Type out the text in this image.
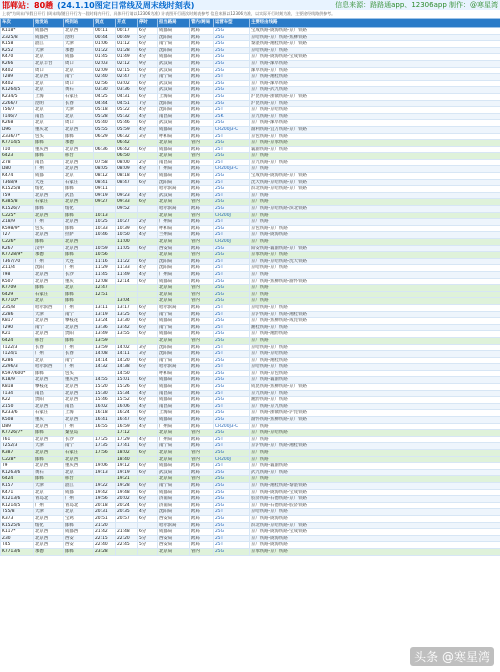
邯郸站：80趟 (24.1.10图定日常线及周末线时刻表)	信息来源：路路通app、12306app 制作：@寒星湾
上表*为周末/节假日开行 (周末线/随日开行为一段时间内开行，具体开行请以12306为准) 计表图开行班次时刻表参考 信息来源以12306为准，以实际开行时刻为准，主要途经线路供参考。
车次	始发站	终到站	到点	开点	停时	担当路局	管内/跨局	运营车型	主要经由线路
K118*	成都西	北京西	00:11	00:17	6分	成都局	跨局	25G	宝成铁路-陇海铁路-京广铁路
Z325/8	成都西	昆明	00:44	00:49	5分	沈阳局	跨局	25G	京哈铁路-京广铁路-焦柳铁路
K158	湛江	天津	01:06	01:12	6分	南宁局	跨局	25G	黎湛铁路-湘桂铁路-京广铁路
K252	天津	承德	01:22	01:28	6分	沈阳局	跨局	25G	京哈铁路-京广铁路
K470	北京	成都	01:45	01:49	4分	成都局	跨局	25G	京广铁路-陇海铁路-宝成铁路
K266	北京丰台	周口	02:03	02:12	9分	武汉局	跨局	25G	京广铁路-漯阜铁路
K402	周口	北京	02:09	02:15	6分	武汉局	跨局	25G	漯阜铁路-京广铁路
T289	北京西	南宁	02:40	02:47	7分	南宁局	跨局	25T	京广铁路-湘桂铁路
K402	北京	周口	02:56	03:02	6分	武汉局	跨局	25G	京广铁路-漯阜铁路
K1264/5	北京	黄石	03:30	03:36	6分	武汉局	跨局	25G	京广铁路-武九铁路
K234/5	上海	石家庄	04:25	04:31	6分	上海局	跨局	25G	沪昆铁路-浙赣铁路-京广铁路
Z266/7	昆明	长春	04:44	04:51	7分	沈阳局	跨局	25G	沪昆铁路-京广铁路
T56/7	北京	天津	05:18	05:22	4分	沈阳局	跨局	25T	京广铁路-京哈铁路
T146/7	南昌	北京	05:28	05:32	4分	南昌局	跨局	25K	京九铁路-京广铁路
K268	北京	周口	05:40	05:46	6分	武汉局	跨局	25G	京广铁路-漯阜铁路
D96	重庆北	北京西	05:55	05:59	4分	成都局	跨局	CR200J3-C	渝利铁路-宜万铁路-京广铁路
Z336/7*	包头	邯郸	06:29	06:32	3分	呼和局	跨局	25T	京包铁路-京广铁路
K7714/5	邯郸	承德		06:42		北京局	管内	25G	京广铁路-京承铁路
T10	重庆西	北京西	06:36	06:42	6分	成都局	跨局	25T	襄渝铁路-京广铁路
6423	邯郸	邢台		06:50		北京局	管内	25G	京广铁路
Z78	南昌	北京西	07:58	08:00	2分	南昌局	跨局	25T	京九铁路-京广铁路
D80	广州	北京西	08:05	08:09	4分	广州局	跨局	CR200J3-C	京广铁路
K474	成都	北京	08:12	08:18	6分	成都局	跨局	25G	宝成铁路-陇海铁路-京广铁路
T368/9	大连	石家庄	08:41	08:47	6分	沈阳局	跨局	25T	沈大铁路-京哈铁路-京广铁路
K1525/8	绥化	邯郸	09:11			哈尔滨局	跨局	25G	滨北铁路-京哈铁路-京广铁路
T59	北京西	武昌	09:19	09:23	4分	武汉局	跨局	25T	京广铁路
K385/8	石家庄	北京西	09:27	09:33	6分	北京局	管内	25G	京广铁路
K1526/7	邯郸	绥化		09:52		哈尔滨局	跨局	25G	京广铁路-京哈铁路-滨北铁路
C225*	北京西	邯郸	10:13			北京局	管内	CR200J	京广铁路
Z18/9	广州	北京西	10:25	10:27	2分	广州局	跨局	25T	京广铁路
K598/9*	包头	邯郸	10:33	10:39	6分	呼和局	跨局	25G	京包铁路-京广铁路
T27	北京西	拉萨	10:46	10:50	4分	兰州局	跨局	25T	京广铁路-陇海铁路
C226*	邯郸	北京西		11:00		北京局	管内	CR200J	京广铁路
K267	汉中	北京西	10:59	11:05	6分	西安局	跨局	25G	阳安铁路-襄渝铁路-京广铁路
K7728/9*	承德	邯郸	10:56			北京局	管内	25G	京承铁路-京广铁路
T367/70	广州	大连	11:16	11:22	6分	沈阳局	跨局	25T	京广铁路-京哈铁路-沈大铁路
Z11/4	沈阳	广州	11:29	11:33	4分	沈阳局	跨局	25T	京哈铁路-京广铁路
T98	北京西	长沙	11:45	11:49	4分	广州局	跨局	25T	京广铁路
K507	北京西	重庆	12:08	12:14	6分	成都局	跨局	25G	京广铁路-焦柳铁路-渝怀铁路
K7709	邯郸	北京	12:47			北京局	管内	25G	京广铁路
6429	石家庄	邯郸	12:51			北京局	管内	25G	京广铁路
K7710*	北京	邯郸		13:04		北京局	管内	25G	京广铁路
Z35/8	哈尔滨西	广州	13:11	13:17	6分	哈尔滨局	跨局	25T	京哈铁路-京广铁路
Z286	天津	南宁	13:19	13:25	6分	南宁局	跨局	25T	京沪铁路-京广铁路-湘桂铁路
K817	北京西	攀枝花	13:24	13:30	6分	成都局	跨局	25G	京广铁路-焦柳铁路-成昆铁路
T290	南宁	北京西	13:36	13:42	6分	南宁局	跨局	25T	湘桂铁路-京广铁路
K21	北京西	贵阳	13:49	13:55	6分	成都局	跨局	25G	京广铁路-湘黔铁路
6424	邢台	邯郸	13:59			北京局	管内	25G	京广铁路
T122/3	长春	广州	13:59	14:02	3分	沈阳局	跨局	25T	京哈铁路-京广铁路
T124/1	广州	长春	14:08	14:11	3分	沈阳局	跨局	25T	京广铁路-京哈铁路
K286	北京	南宁	14:14	14:20	6分	南宁局	跨局	25G	京广铁路-湘桂铁路
Z296/3	哈尔滨西	广州	14:32	14:38	6分	哈尔滨局	跨局	25T	京哈铁路-京广铁路
K597/600*	邯郸	包头		14:50		呼和局	跨局	25G	京广铁路-京包铁路
K18/9	北京西	重庆西	14:55	15:01	6分	成都局	跨局	25G	京广铁路-襄渝铁路
K818	攀枝花	北京西	15:20	15:26	6分	成都局	跨局	25G	成昆铁路-焦柳铁路-京广铁路
T134	南昌	北京西	15:30	15:34	4分	南昌局	跨局	25T	京九铁路-京广铁路
K22	贵阳	北京西	15:46	15:52	6分	成都局	跨局	25G	湘黔铁路-京广铁路
Z150	北京西	南昌	16:02	16:06	4分	南昌局	跨局	25T	京广铁路-京九铁路
K233/6	石家庄	上海	16:18	16:24	6分	上海局	跨局	25G	京广铁路-浙赣铁路-沪昆铁路
K508	重庆	北京西	16:41	16:47	6分	成都局	跨局	25G	渝怀铁路-焦柳铁路-京广铁路
D89	北京西	广州	16:55	16:59	4分	广州局	跨局	CR200J3-C	京广铁路
K7726/7*	邯郸	秦皇岛		17:12		北京局	管内	25G	京广铁路-京哈铁路
T61	北京西	长沙	17:25	17:29	4分	广州局	跨局	25T	京广铁路
T252/3	天津	南宁	17:35	17:41	6分	南宁局	跨局	25T	京沪铁路-京广铁路-湘桂铁路
K387	北京西	石家庄	17:56	18:02	6分	北京局	管内	25G	京广铁路
C228*	邯郸	北京西		18:40		北京局	管内	CR200J	京广铁路
T9	北京西	重庆西	19:06	19:12	6分	成都局	跨局	25T	京广铁路-襄渝铁路
K1263/6	黄石	北京	19:13	19:19	6分	武汉局	跨局	25G	武九铁路-京广铁路
6424	邯郸	邢台		19:21		北京局	管内	25G	京广铁路
K157	天津	湛江	19:22	19:28	6分	南宁局	跨局	25G	京广铁路-湘桂铁路-黎湛铁路
K471	北京	成都	19:42	19:48	6分	成都局	跨局	25G	京广铁路-陇海铁路-宝成铁路
K1213/6	青岛北	广州	19:56	20:02	6分	济南局	跨局	25G	胶济铁路-石德铁路-京广铁路
K1214/5	广州	青岛北	20:18	20:24	6分	济南局	跨局	25G	京广铁路-石德铁路-胶济铁路
T55/8	天津	北京	20:31	20:35	4分	沈阳局	跨局	25T	京哈铁路-京广铁路
K373	北京西	宝鸡	20:51	20:57	6分	西安局	跨局	25G	京广铁路-陇海铁路
K1525/6	绥化	邯郸	21:20			哈尔滨局	跨局	25G	滨北铁路-京哈铁路-京广铁路
K117*	北京西	成都西	21:42	21:48	6分	成都局	跨局	25G	京广铁路-陇海铁路-宝成铁路
Z30	北京西	西安	22:15	22:20	5分	西安局	跨局	25T	京广铁路-陇海铁路
T45	北京西	西安	22:40	22:45	5分	西安局	跨局	25T	京广铁路-陇海铁路
K7713/6	承德	邯郸	23:28			北京局	管内	25G	京承铁路-京广铁路
头条 @寒星湾
